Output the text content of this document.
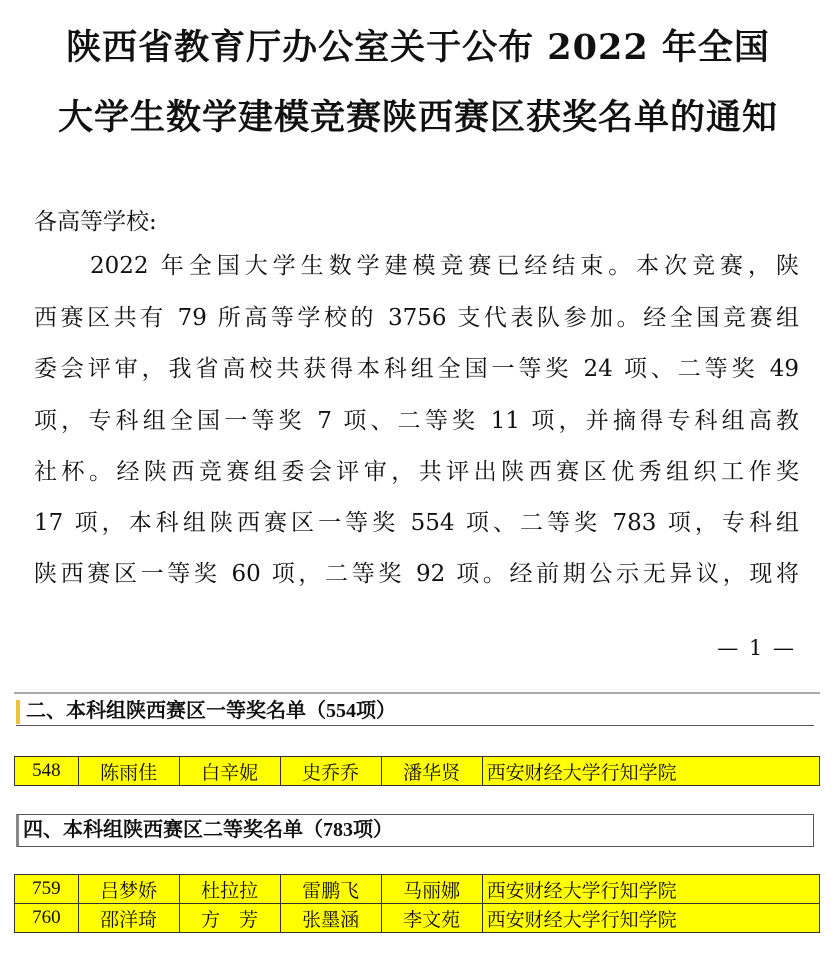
陕西省教育厅办公室关于公布 2022 年全国
大学生数学建模竞赛陕西赛区获奖名单的通知

各高等学校:

2022 年全国大学生数学建模竞赛已经结束。本次竞赛，陕
西赛区共有 79 所高等学校的 3756 支代表队参加。经全国竞赛组
委会评审，我省高校共获得本科组全国一等奖 24 项、二等奖 49
项，专科组全国一等奖 7 项、二等奖 11 项，并摘得专科组高教
社杯。经陕西竞赛组委会评审，共评出陕西赛区优秀组织工作奖
17 项，本科组陕西赛区一等奖 554 项、二等奖 783 项，专科组
陕西赛区一等奖 60 项，二等奖 92 项。经前期公示无异议，现将
— 1 —
二、本科组陕西赛区一等奖名单（554项）
548	陈雨佳	白辛妮	史乔乔	潘华贤	西安财经大学行知学院
四、本科组陕西赛区二等奖名单（783项）
759	吕梦娇	杜拉拉	雷鹏飞	马丽娜	西安财经大学行知学院
760	邵洋琦	方　芳	张墨涵	李文苑	西安财经大学行知学院
